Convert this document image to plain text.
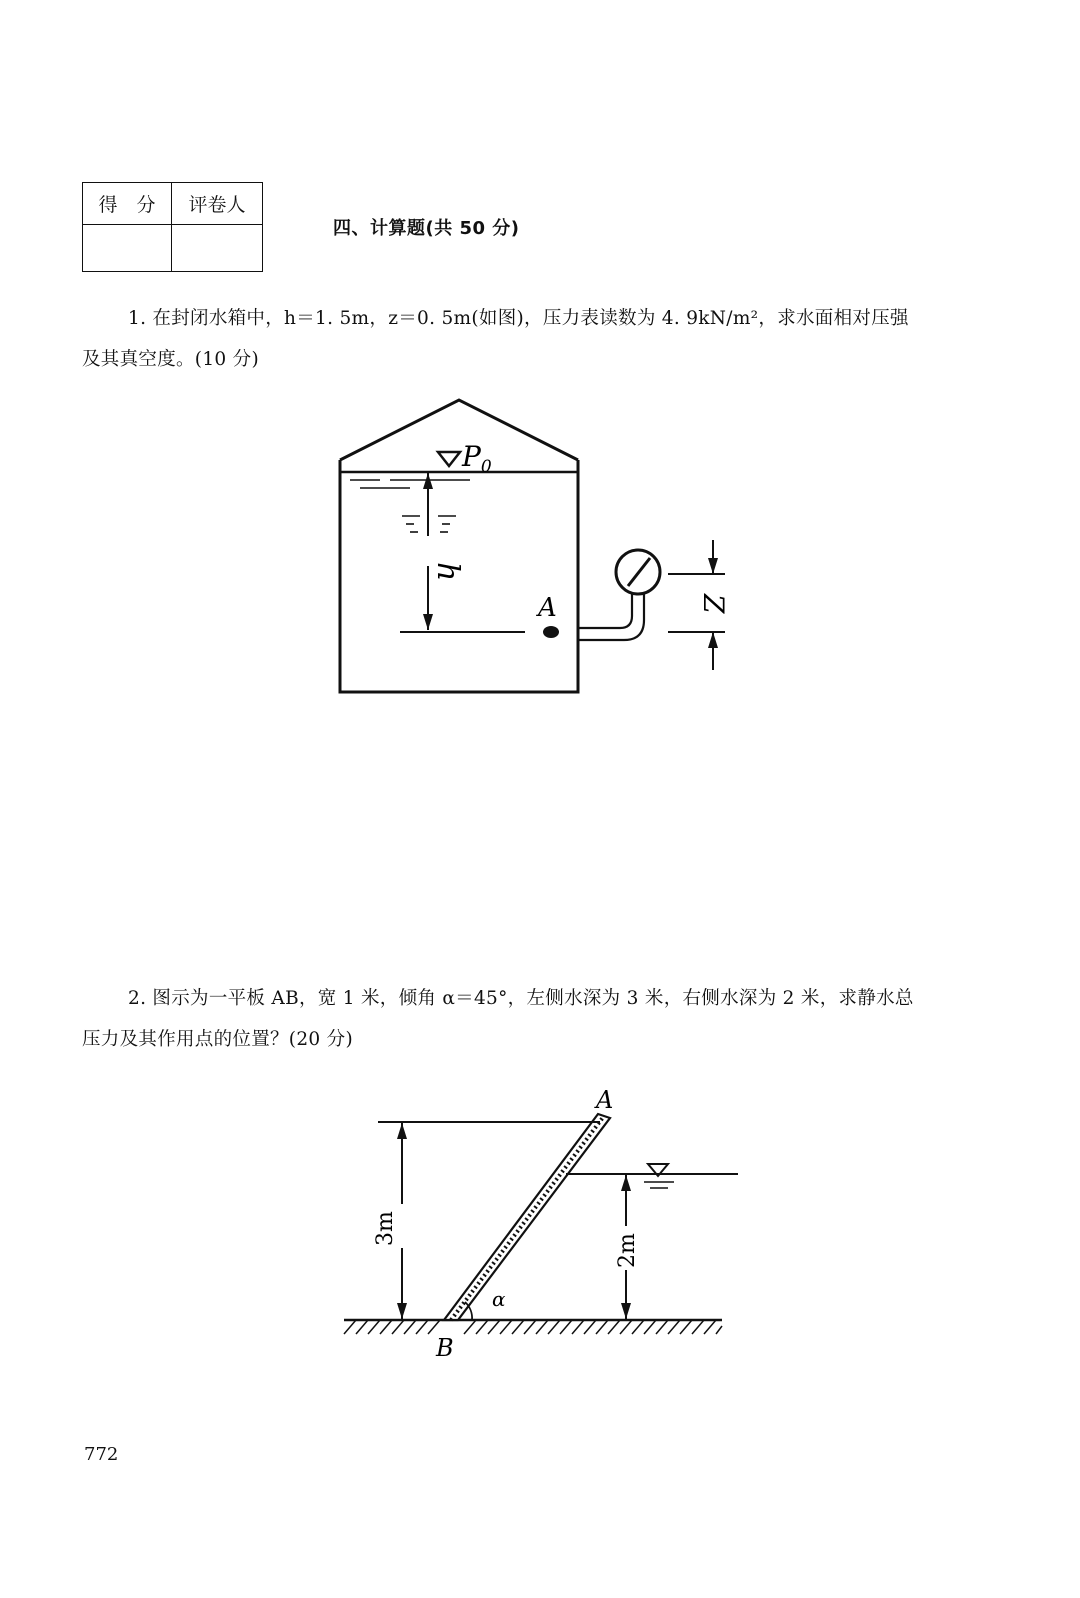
得　分	评卷人

四、计算题(共 50 分)
1. 在封闭水箱中，h＝1. 5m，z＝0. 5m(如图)，压力表读数为 4. 9kN/m²，求水面相对压强
及其真空度。(10 分)
$P_0$
h
A	Z
2. 图示为一平板 AB，宽 1 米，倾角 α＝45°，左侧水深为 3 米，右侧水深为 2 米，求静水总
压力及其作用点的位置？(20 分)
3m
2m
α
A
B
772
